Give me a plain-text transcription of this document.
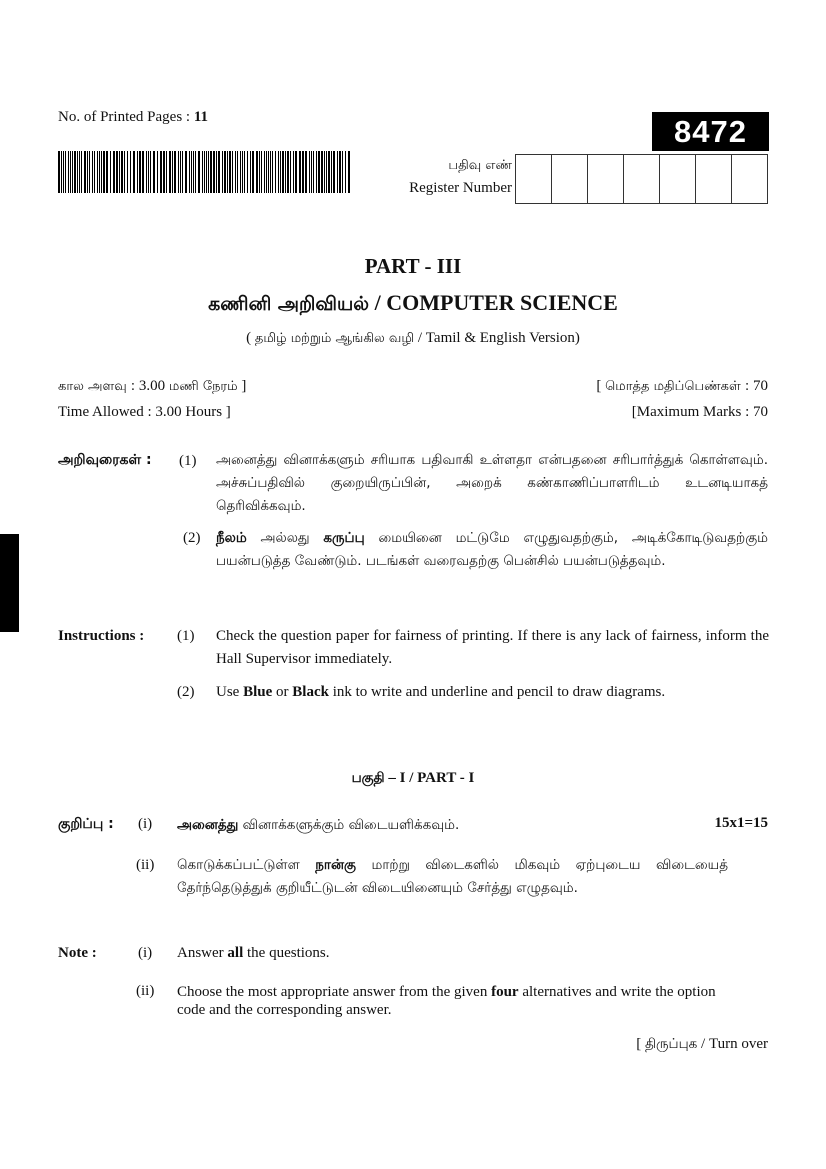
No. of Printed Pages : 11	8472
பதிவு எண்
Register Number
PART - III
கணினி அறிவியல் / COMPUTER SCIENCE
( தமிழ் மற்றும் ஆங்கில வழி / Tamil & English Version)
கால அளவு : 3.00 மணி நேரம் ]	[ மொத்த மதிப்பெண்கள் : 70
Time Allowed : 3.00 Hours ]	[Maximum Marks : 70
அறிவுரைகள் : (1) அனைத்து வினாக்களும் சரியாக பதிவாகி உள்ளதா என்பதனை சரிபார்த்துக் கொள்ளவும். அச்சுப்பதிவில் குறையிருப்பின், அறைக் கண்காணிப்பாளரிடம் உடனடியாகத் தெரிவிக்கவும்.
(2) நீலம் அல்லது கருப்பு மையினை மட்டுமே எழுதுவதற்கும், அடிக்கோடிடுவதற்கும் பயன்படுத்த வேண்டும். படங்கள் வரைவதற்கு பென்சில் பயன்படுத்தவும்.
Instructions : (1) Check the question paper for fairness of printing. If there is any lack of fairness, inform the Hall Supervisor immediately.
(2) Use Blue or Black ink to write and underline and pencil to draw diagrams.
பகுதி – I / PART - I
குறிப்பு : (i) அனைத்து வினாக்களுக்கும் விடையளிக்கவும்.	15x1=15
(ii) கொடுக்கப்பட்டுள்ள நான்கு மாற்று விடைகளில் மிகவும் ஏற்புடைய விடையைத் தேர்ந்தெடுத்துக் குறியீட்டுடன் விடையினையும் சேர்த்து எழுதவும்.
Note :	(i) Answer all the questions.
(ii) Choose the most appropriate answer from the given four alternatives and write the option code and the corresponding answer.
[ திருப்புக / Turn over
